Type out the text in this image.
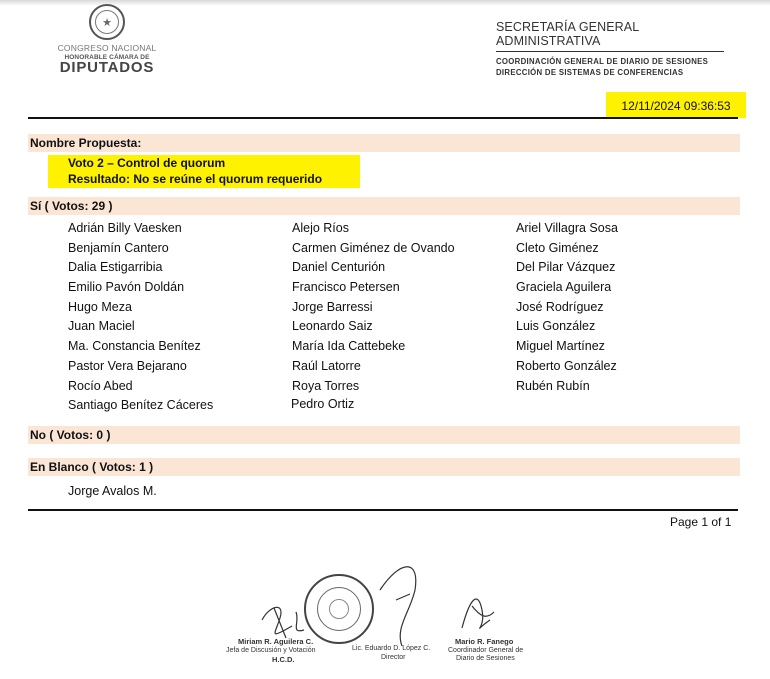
★
CONGRESO NACIONAL
HONORABLE CÁMARA DE
DIPUTADOS
SECRETARÍA GENERAL ADMINISTRATIVA
COORDINACIÓN GENERAL DE DIARIO DE SESIONES
DIRECCIÓN DE SISTEMAS DE CONFERENCIAS
12/11/2024 09:36:53
Nombre Propuesta:
Voto 2 – Control de quorum
Resultado: No se reúne el quorum requerido
Sí ( Votos: 29 )
Adrián Billy Vaesken
Benjamín Cantero
Dalia Estigarribia
Emilio Pavón Doldán
Hugo Meza
Juan Maciel
Ma. Constancia Benítez
Pastor Vera Bejarano
Rocío Abed
Santiago Benítez Cáceres
Alejo Ríos
Carmen Giménez de Ovando
Daniel Centurión
Francisco Petersen
Jorge Barressi
Leonardo Saiz
María Ida Cattebeke
Raúl Latorre
Roya Torres
Pedro Ortiz
Ariel Villagra Sosa
Cleto Giménez
Del Pilar Vázquez
Graciela Aguilera
José Rodríguez
Luis González
Miguel Martínez
Roberto González
Rubén Rubín
No ( Votos: 0 )
En Blanco ( Votos: 1 )
Jorge Avalos M.
Page 1 of 1
Miriam R. Aguilera C.
Jefa de Discusión y Votación
H.C.D.
Lic. Eduardo D. López C.
Director
Mario R. Fanego
Coordinador General de
Diario de Sesiones
